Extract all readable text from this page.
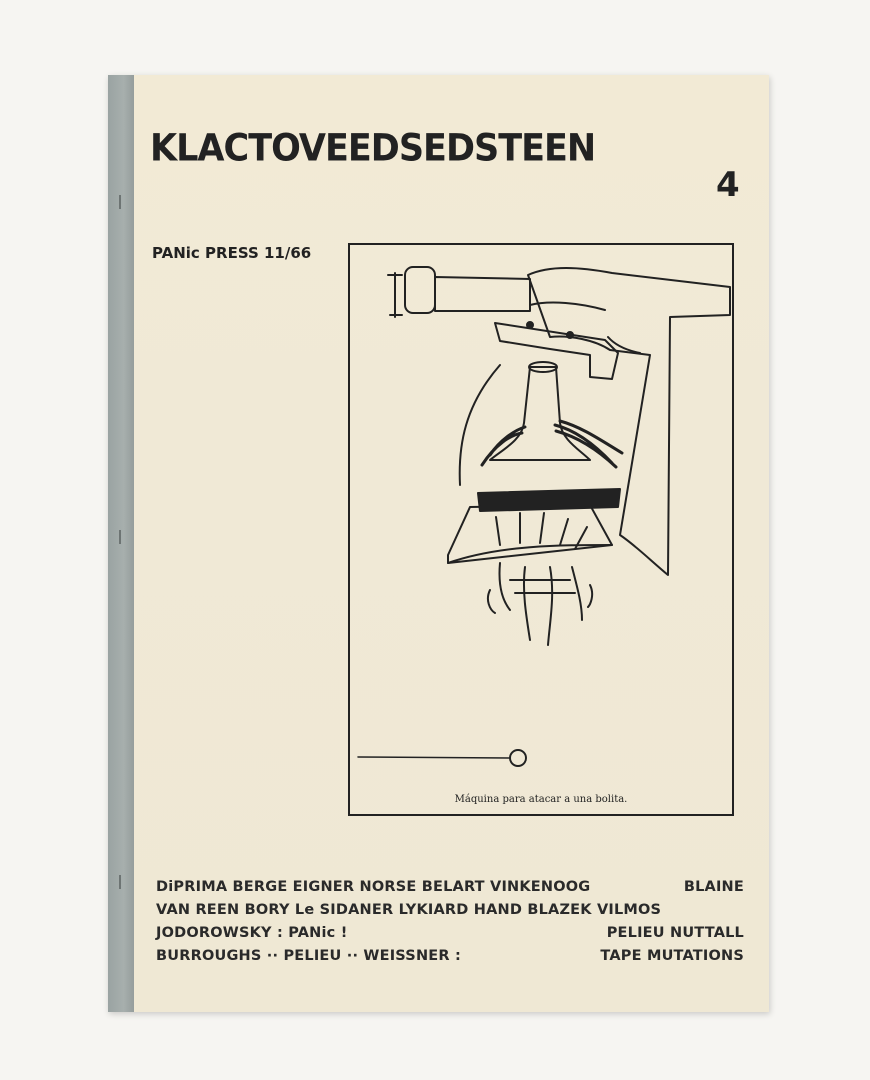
KLACTOVEEDSEDSTEEN
4
PANic PRESS 11/66
Máquina para atacar a una bolita.
DiPRIMA BERGE EIGNER NORSE BELART VINKENOOG	BLAINE
VAN REEN BORY Le SIDANER LYKIARD HAND BLAZEK VILMOS
JODOROWSKY : PANic !	PELIEU NUTTALL
BURROUGHS ·· PELIEU ·· WEISSNER :	TAPE MUTATIONS
